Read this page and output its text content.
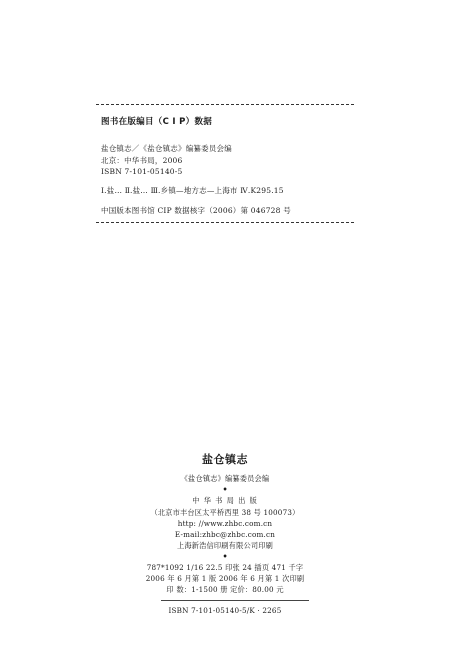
图书在版编目（C I P）数据
盐仓镇志／《盐仓镇志》编纂委员会编
北京：中华书局，2006
ISBN 7-101-05140-5
Ⅰ.盐… Ⅱ.盐… Ⅲ.乡镇—地方志—上海市 Ⅳ.K295.15
中国版本图书馆 CIP 数据核字（2006）第 046728 号
盐仓镇志
《盐仓镇志》编纂委员会编
•
中 华 书 局 出 版
（北京市丰台区太平桥西里 38 号 100073）
http: //www.zhbc.com.cn
E-mail:zhbc@zhbc.com.cn
上海新浩信印刷有限公司印刷
•
787*1092 1/16 22.5 印张 24 插页 471 千字
2006 年 6 月第 1 版 2006 年 6 月第 1 次印刷
印数：1-1500 册 定价：80.00 元
ISBN 7-101-05140-5/K · 2265
